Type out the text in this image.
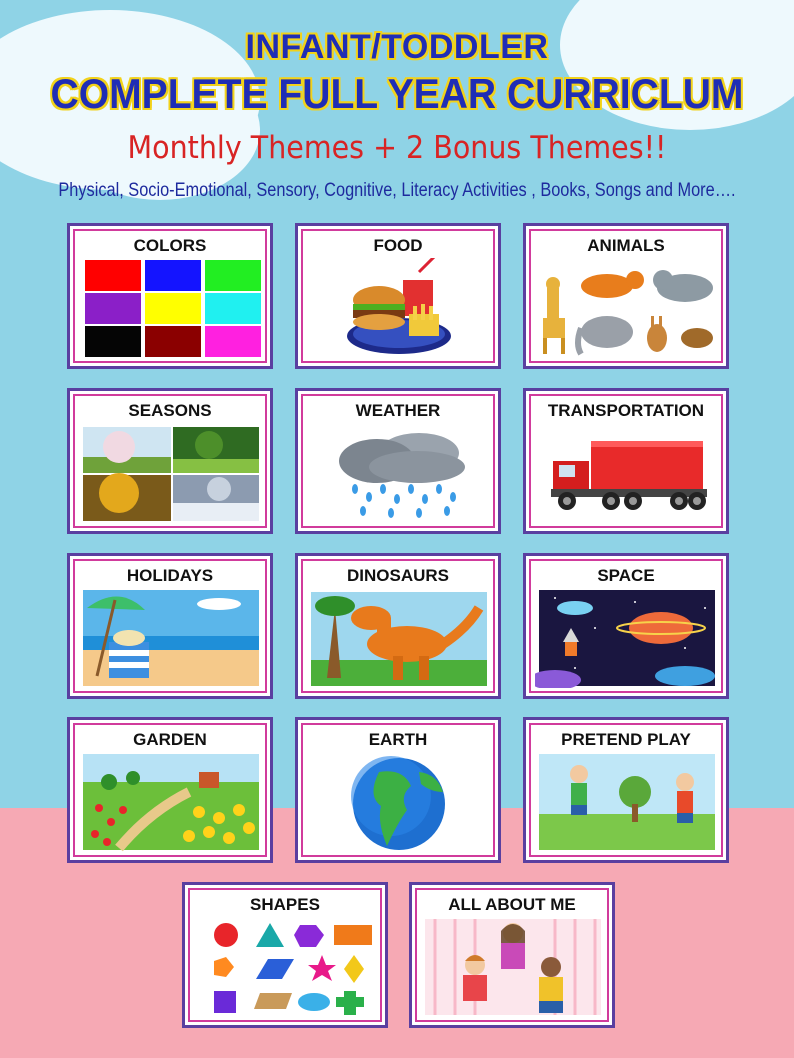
INFANT/TODDLER
COMPLETE FULL YEAR CURRICLUM
Monthly Themes + 2 Bonus Themes!!
Physical, Socio-Emotional, Sensory, Cognitive, Literacy Activities , Books, Songs and More….
COLORS	FOOD	ANIMALS
SEASONS	WEATHER	TRANSPORTATION
HOLIDAYS	DINOSAURS	SPACE
GARDEN	EARTH	PRETEND PLAY
SHAPES	ALL ABOUT ME
